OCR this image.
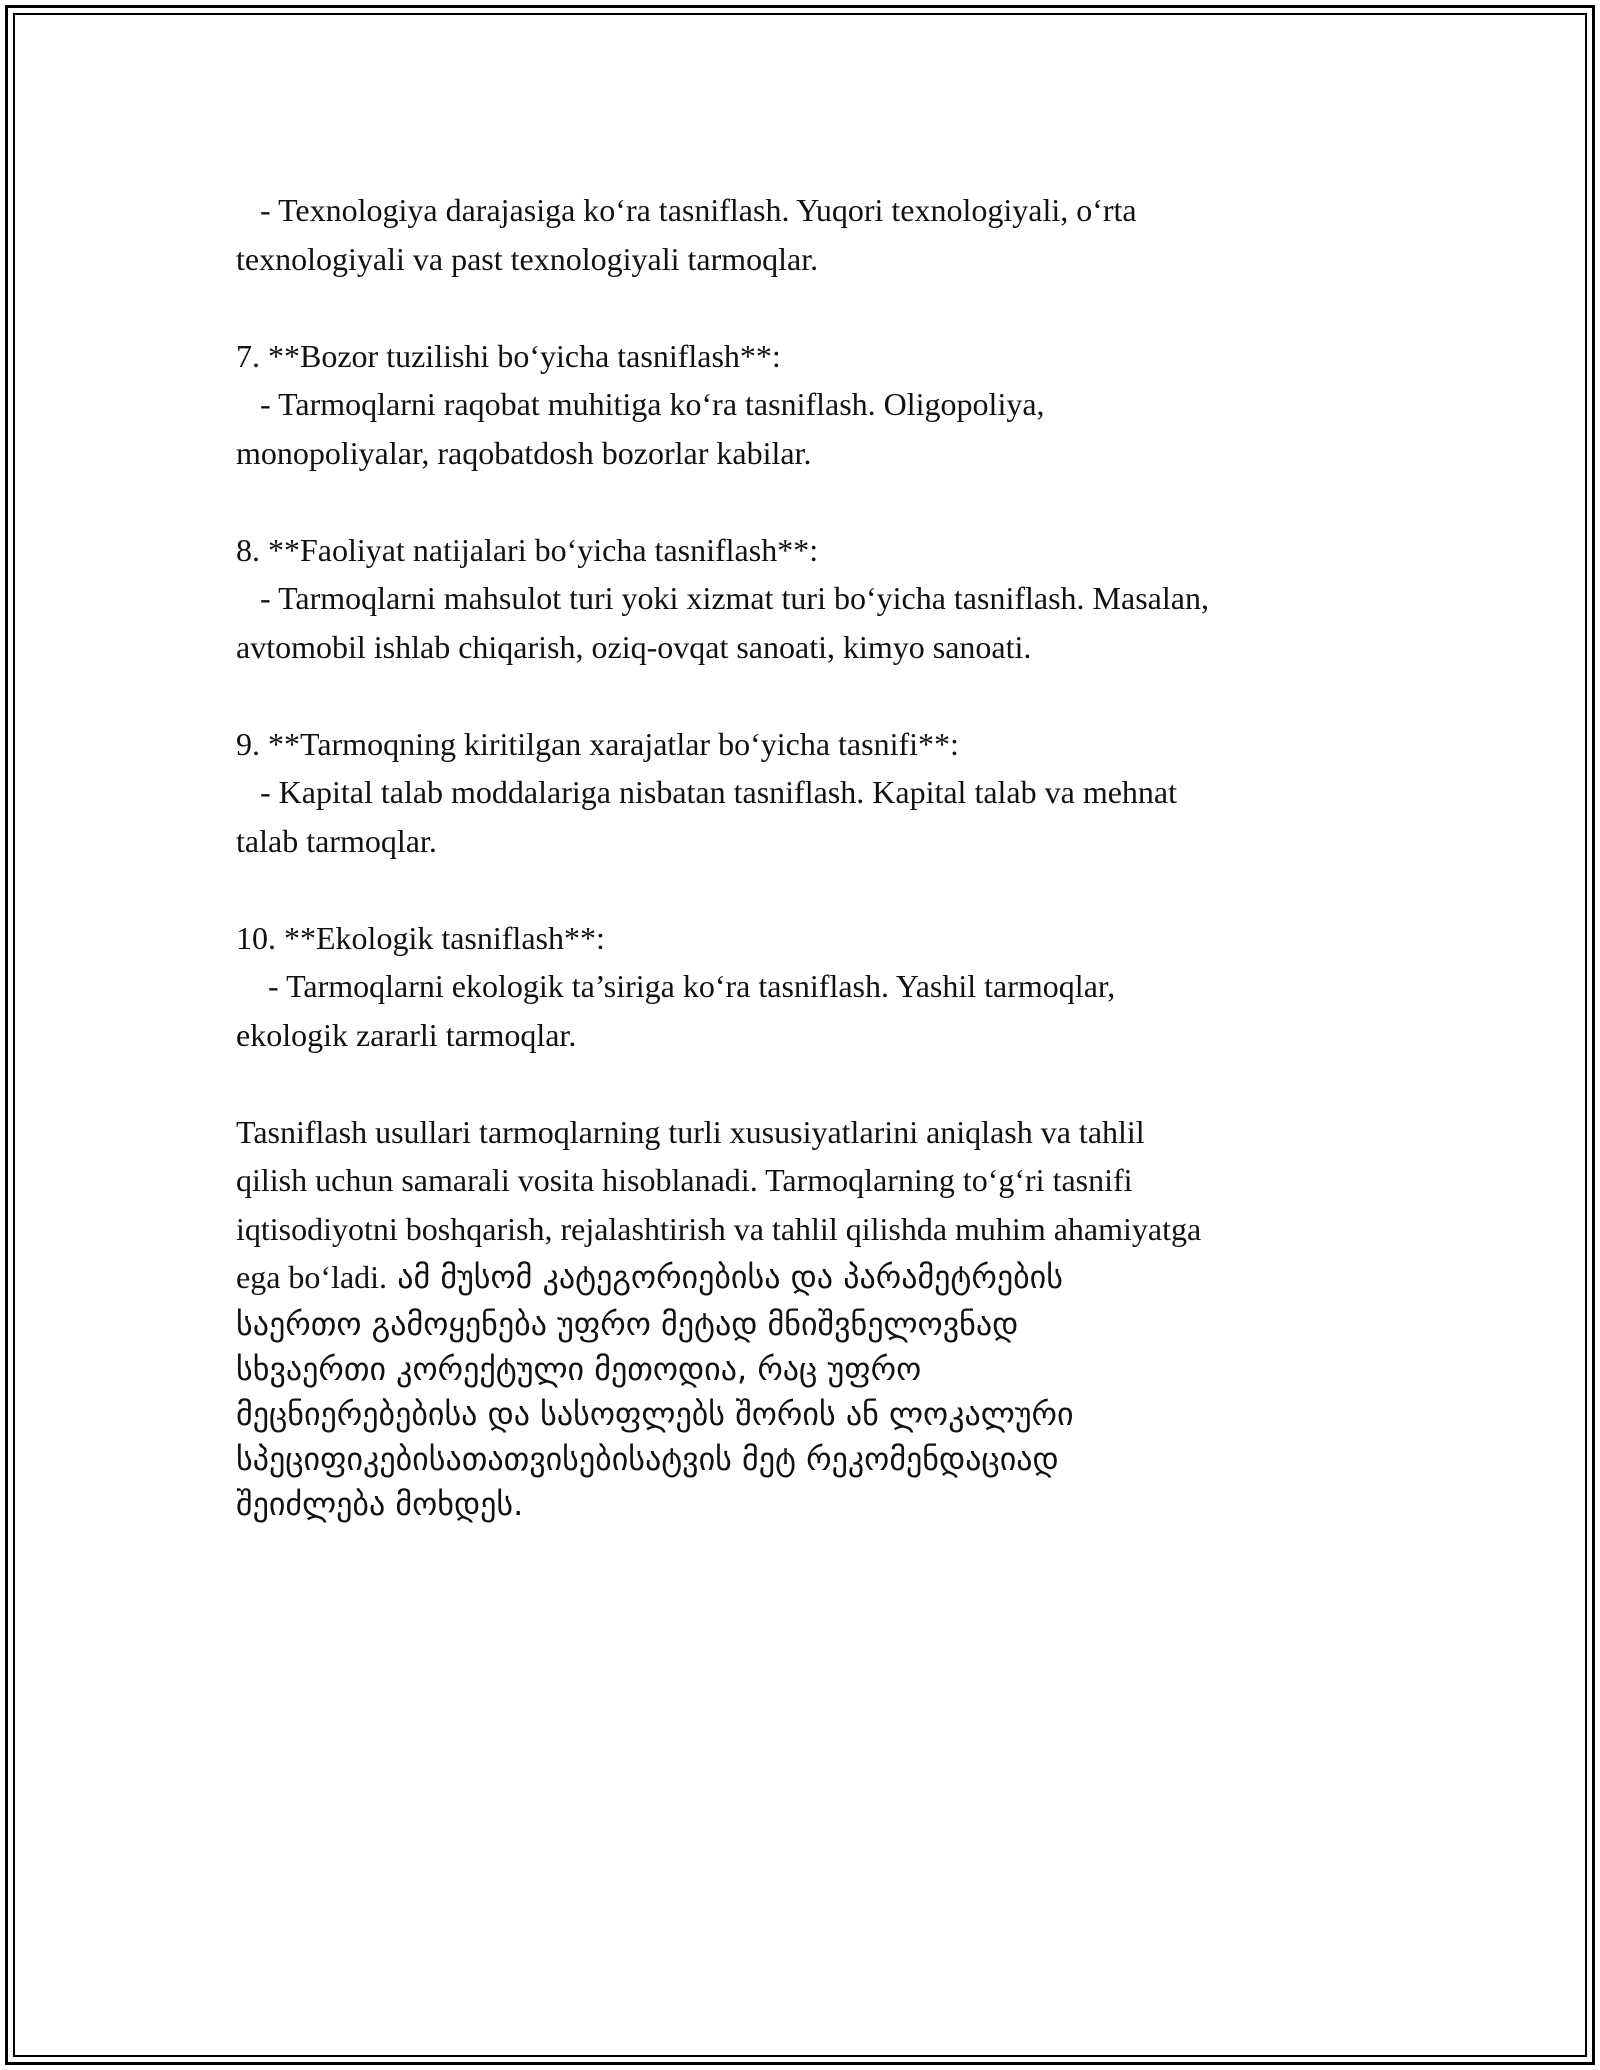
- Texnologiya darajasiga ko‘ra tasniflash. Yuqori texnologiyali, o‘rta

texnologiyali va past texnologiyali tarmoqlar.

7. **Bozor tuzilishi bo‘yicha tasniflash**:

- Tarmoqlarni raqobat muhitiga ko‘ra tasniflash. Oligopoliya,

monopoliyalar, raqobatdosh bozorlar kabilar.

8. **Faoliyat natijalari bo‘yicha tasniflash**:

- Tarmoqlarni mahsulot turi yoki xizmat turi bo‘yicha tasniflash. Masalan,

avtomobil ishlab chiqarish, oziq-ovqat sanoati, kimyo sanoati.

9. **Tarmoqning kiritilgan xarajatlar bo‘yicha tasnifi**:

- Kapital talab moddalariga nisbatan tasniflash. Kapital talab va mehnat

talab tarmoqlar.

10. **Ekologik tasniflash**:

- Tarmoqlarni ekologik ta’siriga ko‘ra tasniflash. Yashil tarmoqlar,

ekologik zararli tarmoqlar.

Tasniflash usullari tarmoqlarning turli xususiyatlarini aniqlash va tahlil

qilish uchun samarali vosita hisoblanadi. Tarmoqlarning to‘g‘ri tasnifi

iqtisodiyotni boshqarish, rejalashtirish va tahlil qilishda muhim ahamiyatga

ega bo‘ladi. ამ მუსომ კატეგორიებისა და პარამეტრების

საერთო გამოყენება უფრო მეტად მნიშვნელოვნად

სხვაერთი კორექტული მეთოდია, რაც უფრო

მეცნიერებებისა და სასოფლებს შორის ან ლოკალური

სპეციფიკებისათათვისებისატვის მეტ რეკომენდაციად

შეიძლება მოხდეს.
